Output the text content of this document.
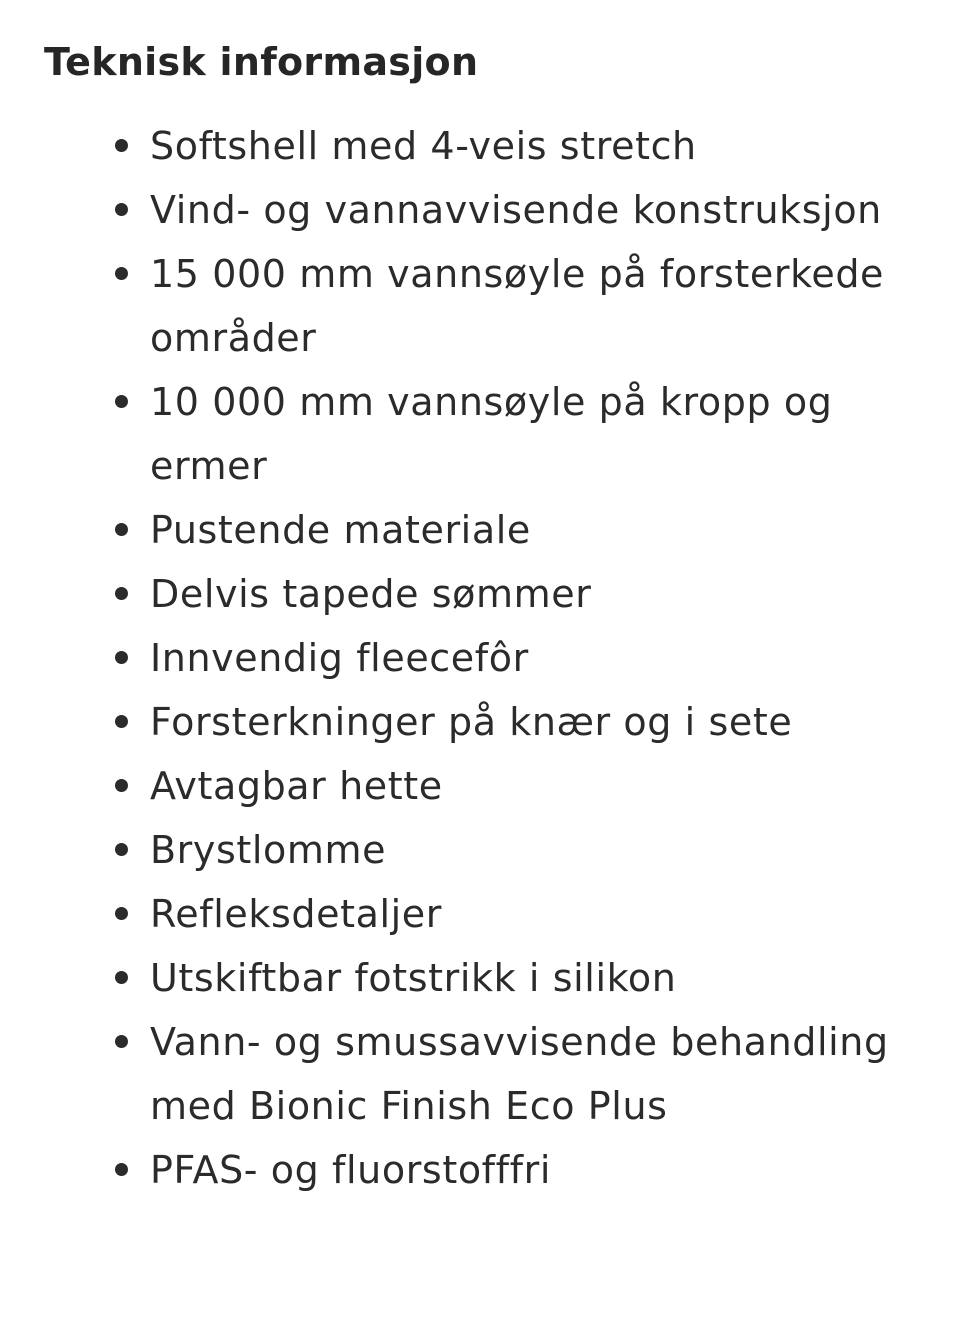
Teknisk informasjon
Softshell med 4-veis stretch
Vind- og vannavvisende konstruksjon
15 000 mm vannsøyle på forsterkede områder
10 000 mm vannsøyle på kropp og ermer
Pustende materiale
Delvis tapede sømmer
Innvendig fleecefôr
Forsterkninger på knær og i sete
Avtagbar hette
Brystlomme
Refleksdetaljer
Utskiftbar fotstrikk i silikon
Vann- og smussavvisende behandling med Bionic Finish Eco Plus
PFAS- og fluorstofffri
